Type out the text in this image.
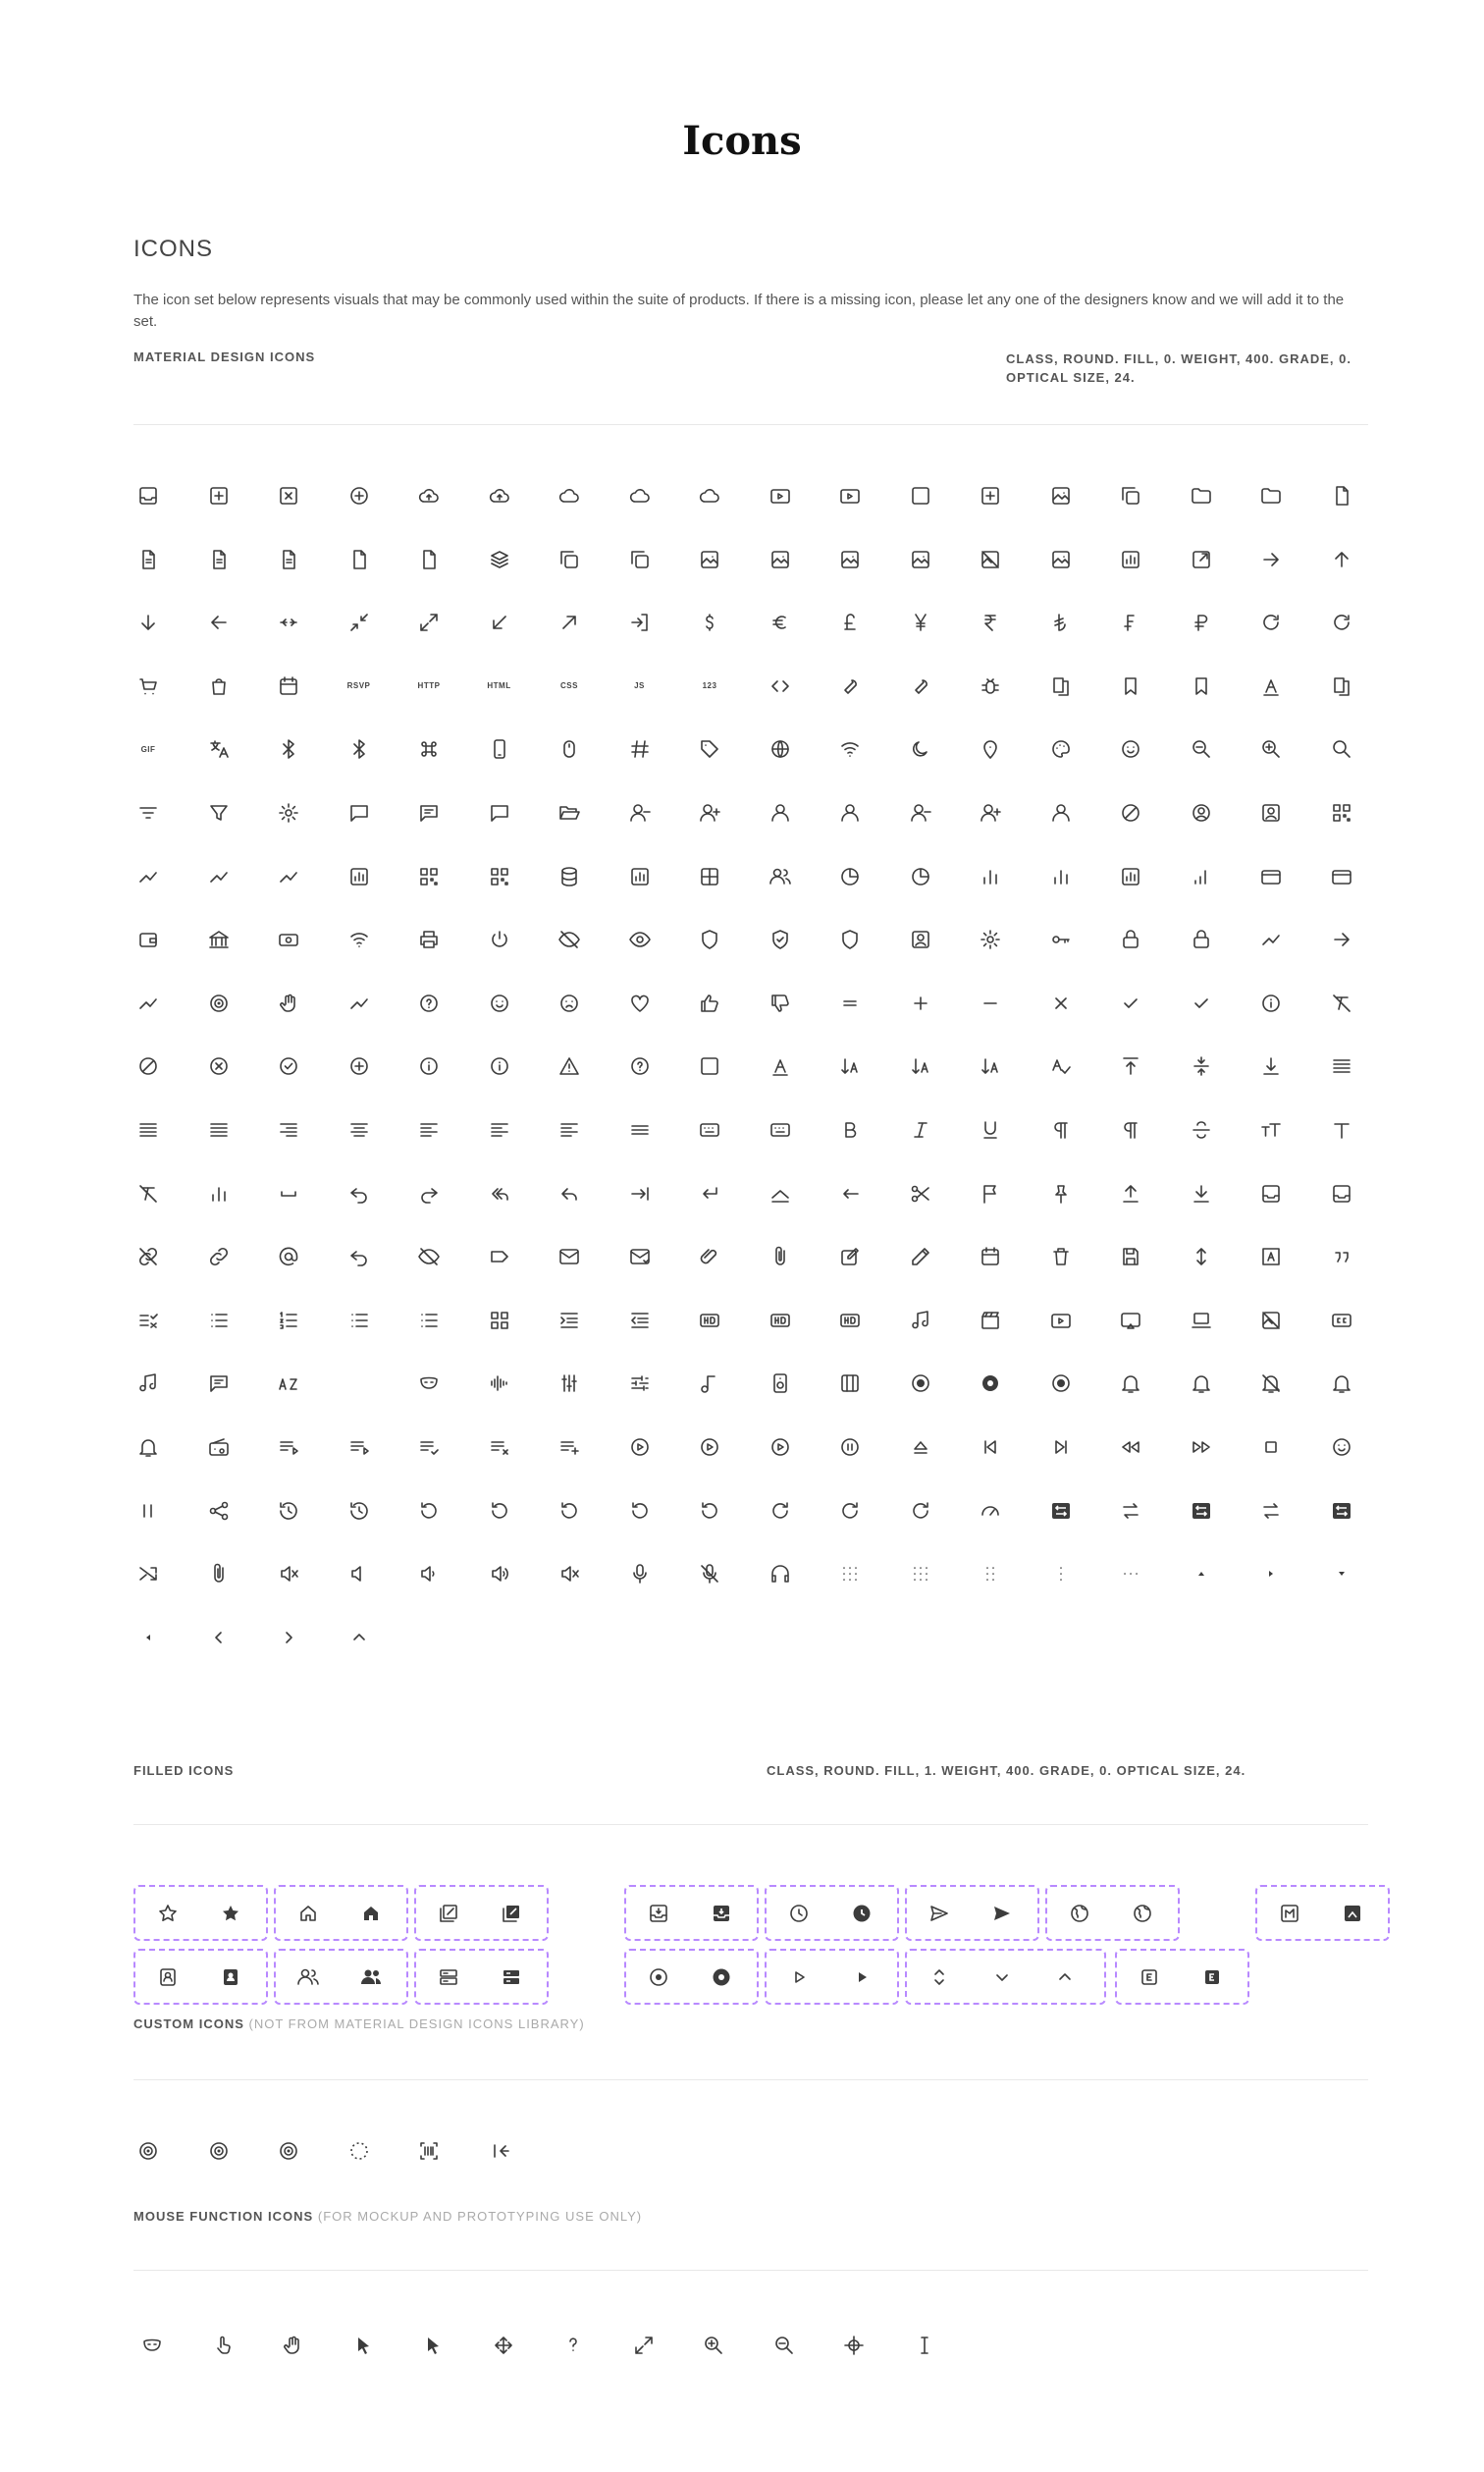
Icons
ICONS

The icon set below represents visuals that may be commonly used within the suite of products. If there is a missing icon, please let any one of the designers know and we will add it to the set.

MATERIAL DESIGN ICONS	CLASS, ROUND. FILL, 0. WEIGHT, 400. GRADE, 0. OPTICAL SIZE, 24.
RSVP	HTTP	HTML	CSS	JS	123
GIF
FILLED ICONS	CLASS, ROUND. FILL, 1. WEIGHT, 400. GRADE, 0. OPTICAL SIZE, 24.
CUSTOM ICONS (NOT FROM MATERIAL DESIGN ICONS LIBRARY)
MOUSE FUNCTION ICONS (FOR MOCKUP AND PROTOTYPING USE ONLY)
